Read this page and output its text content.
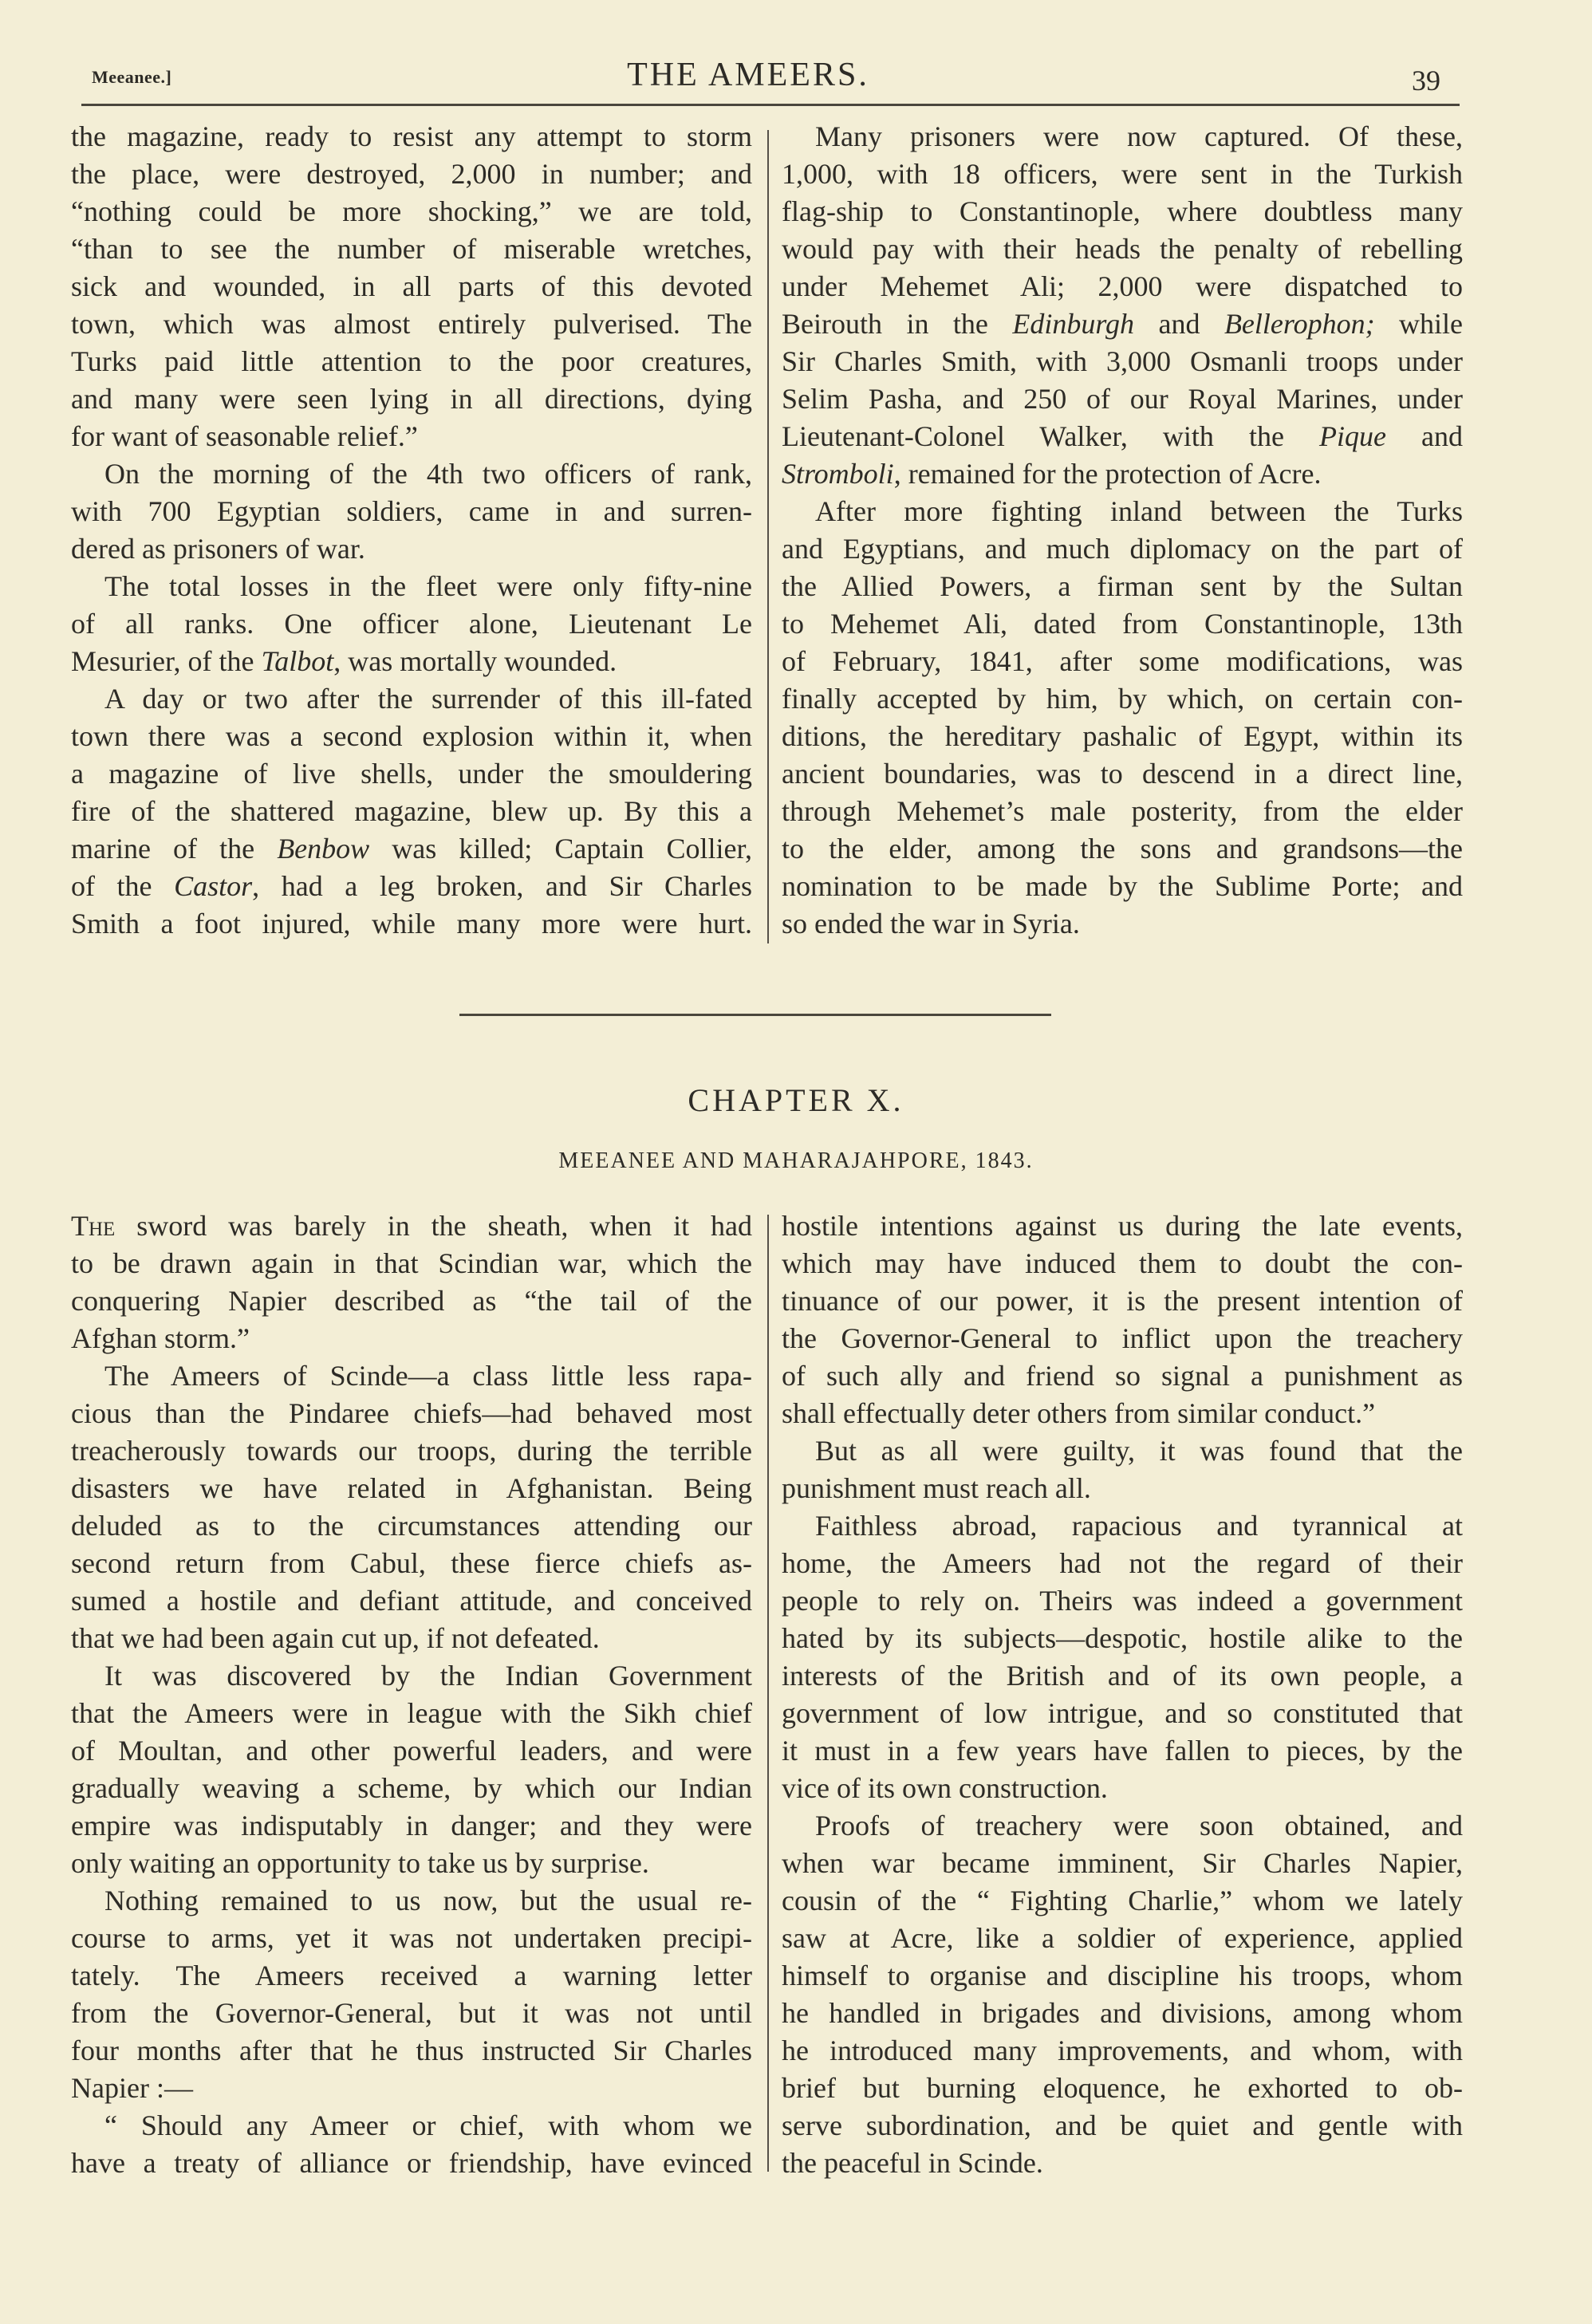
Meeanee.]	THE AMEERS.	39
the magazine, ready to resist any attempt to storm
the place, were destroyed, 2,000 in number; and
“nothing could be more shocking,” we are told,
“than to see the number of miserable wretches,
sick and wounded, in all parts of this devoted
town, which was almost entirely pulverised. The
Turks paid little attention to the poor creatures,
and many were seen lying in all directions, dying
for want of seasonable relief.”
On the morning of the 4th two officers of rank,
with 700 Egyptian soldiers, came in and surren-
dered as prisoners of war.
The total losses in the fleet were only fifty-nine
of all ranks. One officer alone, Lieutenant Le
Mesurier, of the Talbot, was mortally wounded.
A day or two after the surrender of this ill-fated
town there was a second explosion within it, when
a magazine of live shells, under the smouldering
fire of the shattered magazine, blew up. By this a
marine of the Benbow was killed; Captain Collier,
of the Castor, had a leg broken, and Sir Charles
Smith a foot injured, while many more were hurt.
Many prisoners were now captured. Of these,
1,000, with 18 officers, were sent in the Turkish
flag-ship to Constantinople, where doubtless many
would pay with their heads the penalty of rebelling
under Mehemet Ali; 2,000 were dispatched to
Beirouth in the Edinburgh and Bellerophon; while
Sir Charles Smith, with 3,000 Osmanli troops under
Selim Pasha, and 250 of our Royal Marines, under
Lieutenant-Colonel Walker, with the Pique and
Stromboli, remained for the protection of Acre.
After more fighting inland between the Turks
and Egyptians, and much diplomacy on the part of
the Allied Powers, a firman sent by the Sultan
to Mehemet Ali, dated from Constantinople, 13th
of February, 1841, after some modifications, was
finally accepted by him, by which, on certain con-
ditions, the hereditary pashalic of Egypt, within its
ancient boundaries, was to descend in a direct line,
through Mehemet’s male posterity, from the elder
to the elder, among the sons and grandsons—the
nomination to be made by the Sublime Porte; and
so ended the war in Syria.
CHAPTER X.
MEEANEE AND MAHARAJAHPORE, 1843.
The sword was barely in the sheath, when it had
to be drawn again in that Scindian war, which the
conquering Napier described as “the tail of the
Afghan storm.”
The Ameers of Scinde—a class little less rapa-
cious than the Pindaree chiefs—had behaved most
treacherously towards our troops, during the terrible
disasters we have related in Afghanistan. Being
deluded as to the circumstances attending our
second return from Cabul, these fierce chiefs as-
sumed a hostile and defiant attitude, and conceived
that we had been again cut up, if not defeated.
It was discovered by the Indian Government
that the Ameers were in league with the Sikh chief
of Moultan, and other powerful leaders, and were
gradually weaving a scheme, by which our Indian
empire was indisputably in danger; and they were
only waiting an opportunity to take us by surprise.
Nothing remained to us now, but the usual re-
course to arms, yet it was not undertaken precipi-
tately. The Ameers received a warning letter
from the Governor-General, but it was not until
four months after that he thus instructed Sir Charles
Napier :—
“ Should any Ameer or chief, with whom we
have a treaty of alliance or friendship, have evinced
hostile intentions against us during the late events,
which may have induced them to doubt the con-
tinuance of our power, it is the present intention of
the Governor-General to inflict upon the treachery
of such ally and friend so signal a punishment as
shall effectually deter others from similar conduct.”
But as all were guilty, it was found that the
punishment must reach all.
Faithless abroad, rapacious and tyrannical at
home, the Ameers had not the regard of their
people to rely on. Theirs was indeed a government
hated by its subjects—despotic, hostile alike to the
interests of the British and of its own people, a
government of low intrigue, and so constituted that
it must in a few years have fallen to pieces, by the
vice of its own construction.
Proofs of treachery were soon obtained, and
when war became imminent, Sir Charles Napier,
cousin of the “ Fighting Charlie,” whom we lately
saw at Acre, like a soldier of experience, applied
himself to organise and discipline his troops, whom
he handled in brigades and divisions, among whom
he introduced many improvements, and whom, with
brief but burning eloquence, he exhorted to ob-
serve subordination, and be quiet and gentle with
the peaceful in Scinde.
